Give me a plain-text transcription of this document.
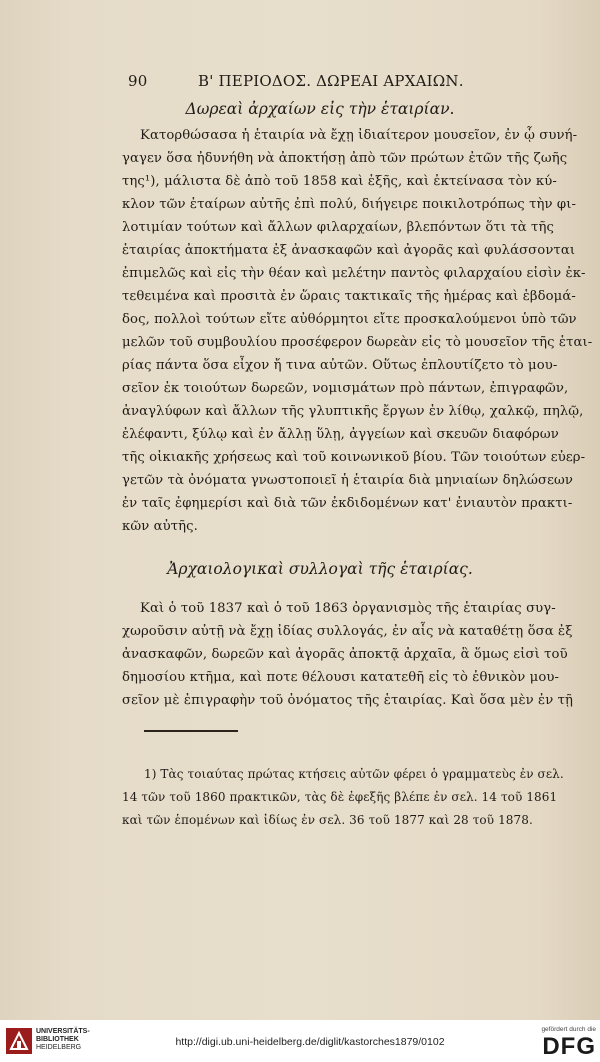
90	Β' ΠΕΡΙΟΔΟΣ. ΔΩΡΕΑΙ ΑΡΧΑΙΩΝ.
Δωρεαὶ ἀρχαίων εἰς τὴν ἑταιρίαν.
Κατορθώσασα ἡ ἑταιρία νὰ ἔχῃ ἰδιαίτερον μουσεῖον, ἐν ᾧ συνή-
γαγεν ὅσα ἠδυνήθη νὰ ἀποκτήσῃ ἀπὸ τῶν πρώτων ἐτῶν τῆς ζωῆς
της¹), μάλιστα δὲ ἀπὸ τοῦ 1858 καὶ ἑξῆς, καὶ ἐκτείνασα τὸν κύ-
κλον τῶν ἑταίρων αὐτῆς ἐπὶ πολύ, διήγειρε ποικιλοτρόπως τὴν φι-
λοτιμίαν τούτων καὶ ἄλλων φιλαρχαίων, βλεπόντων ὅτι τὰ τῆς
ἑταιρίας ἀποκτήματα ἐξ ἀνασκαφῶν καὶ ἀγορᾶς καὶ φυλάσσονται
ἐπιμελῶς καὶ εἰς τὴν θέαν καὶ μελέτην παντὸς φιλαρχαίου εἰσὶν ἐκ-
τεθειμένα καὶ προσιτὰ ἐν ὥραις τακτικαῖς τῆς ἡμέρας καὶ ἑβδομά-
δος, πολλοὶ τούτων εἴτε αὐθόρμητοι εἴτε προσκαλούμενοι ὑπὸ τῶν
μελῶν τοῦ συμβουλίου προσέφερον δωρεὰν εἰς τὸ μουσεῖον τῆς ἑται-
ρίας πάντα ὅσα εἶχον ἤ τινα αὐτῶν. Οὕτως ἐπλουτίζετο τὸ μου-
σεῖον ἐκ τοιούτων δωρεῶν, νομισμάτων πρὸ πάντων, ἐπιγραφῶν,
ἀναγλύφων καὶ ἄλλων τῆς γλυπτικῆς ἔργων ἐν λίθῳ, χαλκῷ, πηλῷ,
ἐλέφαντι, ξύλῳ καὶ ἐν ἄλλῃ ὕλῃ, ἀγγείων καὶ σκευῶν διαφόρων
τῆς οἰκιακῆς χρήσεως καὶ τοῦ κοινωνικοῦ βίου. Τῶν τοιούτων εὐερ-
γετῶν τὰ ὀνόματα γνωστοποιεῖ ἡ ἑταιρία διὰ μηνιαίων δηλώσεων
ἐν ταῖς ἐφημερίσι καὶ διὰ τῶν ἐκδιδομένων κατ' ἐνιαυτὸν πρακτι-
κῶν αὐτῆς.
Ἀρχαιολογικαὶ συλλογαὶ τῆς ἑταιρίας.
Καὶ ὁ τοῦ 1837 καὶ ὁ τοῦ 1863 ὀργανισμὸς τῆς ἑταιρίας συγ-
χωροῦσιν αὐτῇ νὰ ἔχῃ ἰδίας συλλογάς, ἐν αἷς νὰ καταθέτῃ ὅσα ἐξ
ἀνασκαφῶν, δωρεῶν καὶ ἀγορᾶς ἀποκτᾷ ἀρχαῖα, ἃ ὅμως εἰσὶ τοῦ
δημοσίου κτῆμα, καὶ ποτε θέλουσι κατατεθῆ εἰς τὸ ἐθνικὸν μου-
σεῖον μὲ ἐπιγραφὴν τοῦ ὀνόματος τῆς ἑταιρίας. Καὶ ὅσα μὲν ἐν τῇ
1) Τὰς τοιαύτας πρώτας κτήσεις αὐτῶν φέρει ὁ γραμματεὺς ἐν σελ.
14 τῶν τοῦ 1860 πρακτικῶν, τὰς δὲ ἐφεξῆς βλέπε ἐν σελ. 14 τοῦ 1861
καὶ τῶν ἑπομένων καὶ ἰδίως ἐν σελ. 36 τοῦ 1877 καὶ 28 τοῦ 1878.
UNIVERSITÄTS-
BIBLIOTHEK
HEIDELBERG	http://digi.ub.uni-heidelberg.de/diglit/kastorches1879/0102
gefördert durch die
DFG
